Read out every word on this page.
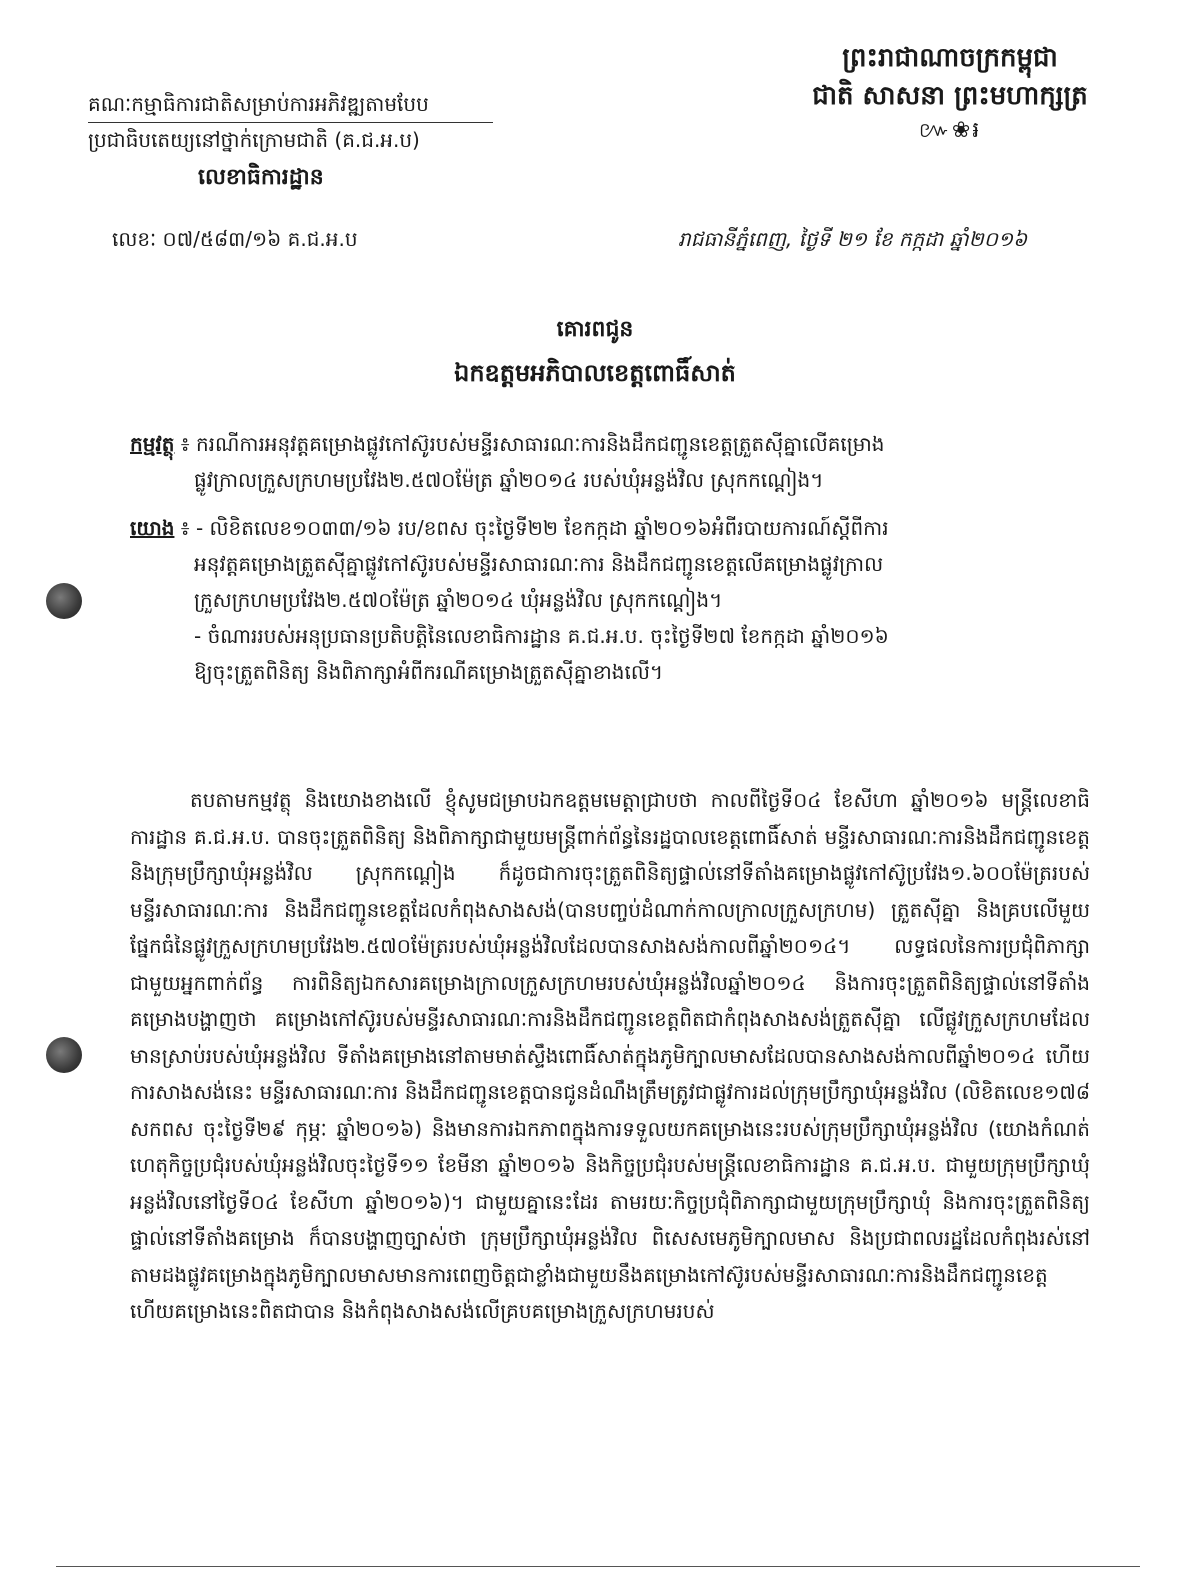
ព្រះរាជាណាចក្រកម្ពុជា
ជាតិ សាសនា ព្រះមហាក្សត្រ
៚❀៛
គណៈកម្មាធិការជាតិសម្រាប់ការអភិវឌ្ឍតាមបែប
ប្រជាធិបតេយ្យនៅថ្នាក់ក្រោមជាតិ (គ.ជ.អ.ប)
លេខាធិការដ្ឋាន
លេខៈ ០៧/៥៨៣/១៦ គ.ជ.អ.ប	រាជធានីភ្នំពេញ, ថ្ងៃទី ២១ ខែ កក្កដា ឆ្នាំ២០១៦
គោរពជូន
ឯកឧត្តមអភិបាលខេត្តពោធិ៍សាត់
កម្មវត្ថុ ៖ ករណីការអនុវត្តគម្រោងផ្លូវកៅស៊ូរបស់មន្ទីរសាធារណៈការនិងដឹកជញ្ជូនខេត្តត្រួតស៊ីគ្នាលើគម្រោង
ផ្លូវក្រាលក្រួសក្រហមប្រវែង២.៥៧០ម៉ែត្រ ឆ្នាំ២០១៤ របស់ឃុំអន្លង់វិល ស្រុកកណ្ដៀង។
យោង ៖ - លិខិតលេខ១០៣៣/១៦ រប/ខពស ចុះថ្ងៃទី២២ ខែកក្កដា ឆ្នាំ២០១៦អំពីរបាយការណ៍ស្ដីពីការ
អនុវត្តគម្រោងត្រួតស៊ីគ្នាផ្លូវកៅស៊ូរបស់មន្ទីរសាធារណៈការ និងដឹកជញ្ជូនខេត្តលើគម្រោងផ្លូវក្រាល
ក្រួសក្រហមប្រវែង២.៥៧០ម៉ែត្រ ឆ្នាំ២០១៤ ឃុំអន្លង់វិល ស្រុកកណ្ដៀង។
- ចំណាររបស់អនុប្រធានប្រតិបត្តិនៃលេខាធិការដ្ឋាន គ.ជ.អ.ប. ចុះថ្ងៃទី២៧ ខែកក្កដា ឆ្នាំ២០១៦
ឱ្យចុះត្រួតពិនិត្យ និងពិភាក្សាអំពីករណីគម្រោងត្រួតស៊ីគ្នាខាងលើ។

តបតាមកម្មវត្ថុ និងយោងខាងលើ ខ្ញុំសូមជម្រាបឯកឧត្តមមេត្តាជ្រាបថា កាលពីថ្ងៃទី០៤ ខែសីហា ឆ្នាំ២០១៦ មន្ត្រីលេខាធិការដ្ឋាន គ.ជ.អ.ប. បានចុះត្រួតពិនិត្យ និងពិភាក្សាជាមួយមន្ត្រីពាក់ព័ន្ធនៃរដ្ឋបាលខេត្តពោធិ៍សាត់ មន្ទីរសាធារណៈការនិងដឹកជញ្ជូនខេត្ត និងក្រុមប្រឹក្សាឃុំអន្លង់វិល ស្រុកកណ្ដៀង ក៏ដូចជាការចុះត្រួតពិនិត្យផ្ទាល់នៅទីតាំងគម្រោងផ្លូវកៅស៊ូប្រវែង១.៦០០ម៉ែត្ររបស់មន្ទីរសាធារណៈការ និងដឹកជញ្ជូនខេត្តដែលកំពុងសាងសង់(បានបញ្ចប់ដំណាក់កាលក្រាលក្រួសក្រហម) ត្រួតស៊ីគ្នា និងគ្របលើមួយផ្នែកធំនៃផ្លូវក្រួសក្រហមប្រវែង២.៥៧០ម៉ែត្ររបស់ឃុំអន្លង់វិលដែលបានសាងសង់កាលពីឆ្នាំ២០១៤។ លទ្ធផលនៃការប្រជុំពិភាក្សាជាមួយអ្នកពាក់ព័ន្ធ ការពិនិត្យឯកសារគម្រោងក្រាលក្រួសក្រហមរបស់ឃុំអន្លង់វិលឆ្នាំ២០១៤ និងការចុះត្រួតពិនិត្យផ្ទាល់នៅទីតាំង គម្រោងបង្ហាញថា គម្រោងកៅស៊ូរបស់មន្ទីរសាធារណៈការនិងដឹកជញ្ជូនខេត្តពិតជាកំពុងសាងសង់ត្រួតស៊ីគ្នា លើផ្លូវក្រួសក្រហមដែលមានស្រាប់របស់ឃុំអន្លង់វិល ទីតាំងគម្រោងនៅតាមមាត់ស្ទឹងពោធិ៍សាត់ក្នុងភូមិក្បាលមាសដែលបានសាងសង់កាលពីឆ្នាំ២០១៤ ហើយការសាងសង់នេះ មន្ទីរសាធារណៈការ និងដឹកជញ្ជូនខេត្តបានជូនដំណឹងត្រឹមត្រូវជាផ្លូវការដល់ក្រុមប្រឹក្សាឃុំអន្លង់វិល (លិខិតលេខ១៧៨ សកពស ចុះថ្ងៃទី២៩ កុម្ភៈ ឆ្នាំ២០១៦) និងមានការឯកភាពក្នុងការទទួលយកគម្រោងនេះរបស់ក្រុមប្រឹក្សាឃុំអន្លង់វិល (យោងកំណត់ ហេតុកិច្ចប្រជុំរបស់ឃុំអន្លង់វិលចុះថ្ងៃទី១១ ខែមីនា ឆ្នាំ២០១៦ និងកិច្ចប្រជុំរបស់មន្ត្រីលេខាធិការដ្ឋាន គ.ជ.អ.ប. ជាមួយក្រុមប្រឹក្សាឃុំអន្លង់វិលនៅថ្ងៃទី០៤ ខែសីហា ឆ្នាំ២០១៦)។ ជាមួយគ្នានេះដែរ តាមរយៈកិច្ចប្រជុំពិភាក្សាជាមួយក្រុមប្រឹក្សាឃុំ និងការចុះត្រួតពិនិត្យផ្ទាល់នៅទីតាំងគម្រោង ក៏បានបង្ហាញច្បាស់ថា ក្រុមប្រឹក្សាឃុំអន្លង់វិល ពិសេសមេភូមិក្បាលមាស និងប្រជាពលរដ្ឋដែលកំពុងរស់នៅតាមដងផ្លូវគម្រោងក្នុងភូមិក្បាលមាសមានការពេញចិត្តជាខ្លាំងជាមួយនឹងគម្រោងកៅស៊ូរបស់មន្ទីរសាធារណៈការនិងដឹកជញ្ជូនខេត្ត ហើយគម្រោងនេះពិតជាបាន និងកំពុងសាងសង់លើគ្របគម្រោងក្រួសក្រហមរបស់
